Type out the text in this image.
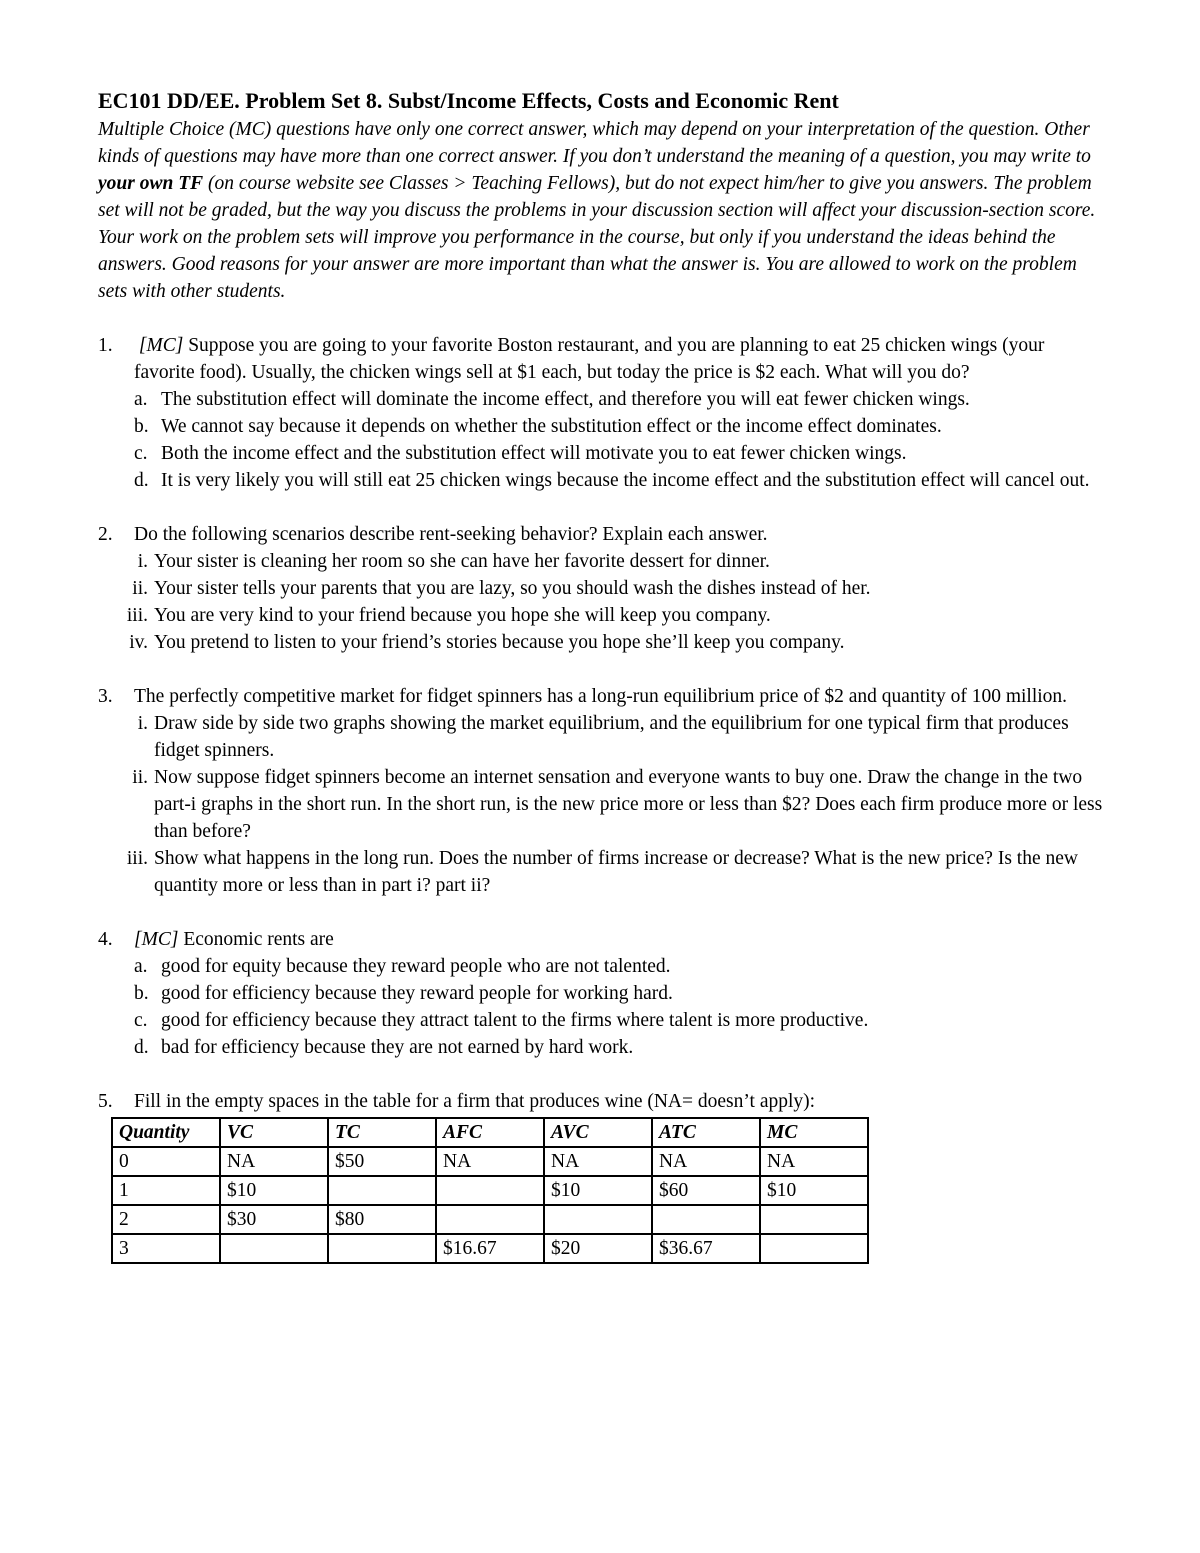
EC101 DD/EE. Problem Set 8. Subst/Income Effects, Costs and Economic Rent

Multiple Choice (MC) questions have only one correct answer, which may depend on your interpretation of the question. Other kinds of questions may have more than one correct answer. If you don’t understand the meaning of a question, you may write to your own TF (on course website see Classes > Teaching Fellows), but do not expect him/her to give you answers. The problem set will not be graded, but the way you discuss the problems in your discussion section will affect your discussion-section score. Your work on the problem sets will improve you performance in the course, but only if you understand the ideas behind the answers. Good reasons for your answer are more important than what the answer is. You are allowed to work on the problem sets with other students.

1. [MC] Suppose you are going to your favorite Boston restaurant, and you are planning to eat 25 chicken wings (your favorite food). Usually, the chicken wings sell at $1 each, but today the price is $2 each. What will you do?

a. The substitution effect will dominate the income effect, and therefore you will eat fewer chicken wings.
b. We cannot say because it depends on whether the substitution effect or the income effect dominates.
c. Both the income effect and the substitution effect will motivate you to eat fewer chicken wings.
d. It is very likely you will still eat 25 chicken wings because the income effect and the substitution effect will cancel out.
2. Do the following scenarios describe rent-seeking behavior? Explain each answer.

i. Your sister is cleaning her room so she can have her favorite dessert for dinner.
ii. Your sister tells your parents that you are lazy, so you should wash the dishes instead of her.
iii. You are very kind to your friend because you hope she will keep you company.
iv. You pretend to listen to your friend’s stories because you hope she’ll keep you company.
3. The perfectly competitive market for fidget spinners has a long-run equilibrium price of $2 and quantity of 100 million.

i. Draw side by side two graphs showing the market equilibrium, and the equilibrium for one typical firm that produces fidget spinners.
ii. Now suppose fidget spinners become an internet sensation and everyone wants to buy one. Draw the change in the two part-i graphs in the short run. In the short run, is the new price more or less than $2? Does each firm produce more or less than before?
iii. Show what happens in the long run. Does the number of firms increase or decrease? What is the new price? Is the new quantity more or less than in part i? part ii?
4. [MC] Economic rents are

a. good for equity because they reward people who are not talented.
b. good for efficiency because they reward people for working hard.
c. good for efficiency because they attract talent to the firms where talent is more productive.
d. bad for efficiency because they are not earned by hard work.
5. Fill in the empty spaces in the table for a firm that produces wine (NA= doesn’t apply):

Quantity	VC	TC	AFC	AVC	ATC	MC
0	NA	$50	NA	NA	NA	NA
1	$10			$10	$60	$10
2	$30	$80				
3			$16.67	$20	$36.67	
